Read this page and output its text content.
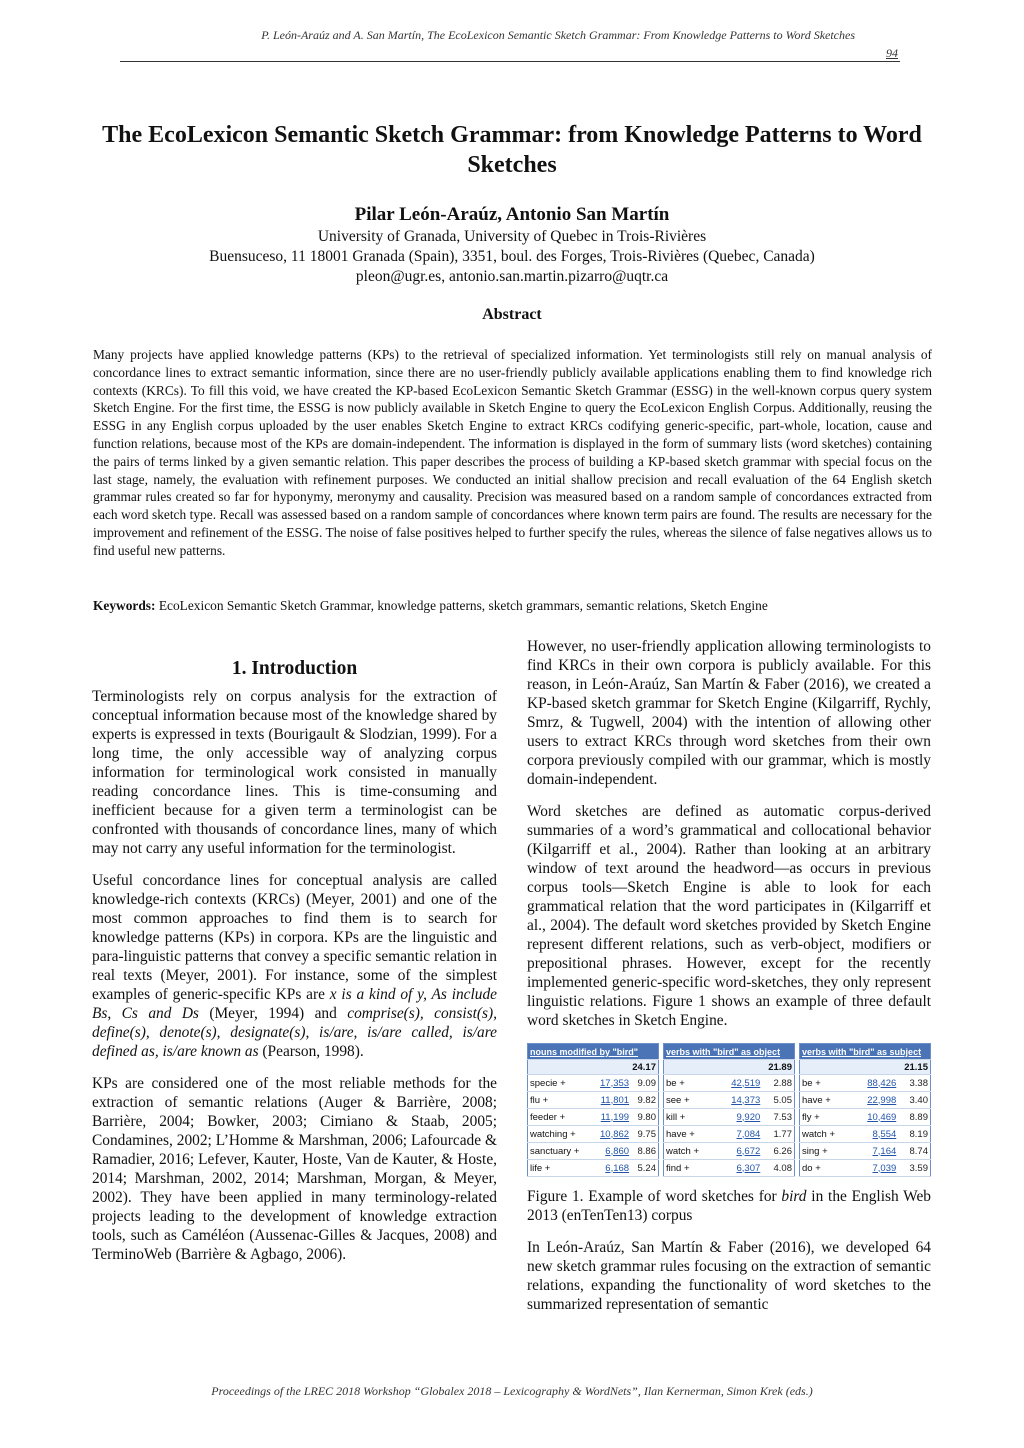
P. León-Araúz and A. San Martín, The EcoLexicon Semantic Sketch Grammar: From Knowledge Patterns to Word Sketches
94
The EcoLexicon Semantic Sketch Grammar: from Knowledge Patterns to Word Sketches
Pilar León-Araúz, Antonio San Martín
University of Granada, University of Quebec in Trois-Rivières
Buensuceso, 11 18001 Granada (Spain), 3351, boul. des Forges, Trois-Rivières (Quebec, Canada)
pleon@ugr.es, antonio.san.martin.pizarro@uqtr.ca
Abstract

Many projects have applied knowledge patterns (KPs) to the retrieval of specialized information. Yet terminologists still rely on manual analysis of concordance lines to extract semantic information, since there are no user-friendly publicly available applications enabling them to find knowledge rich contexts (KRCs). To fill this void, we have created the KP-based EcoLexicon Semantic Sketch Grammar (ESSG) in the well-known corpus query system Sketch Engine. For the first time, the ESSG is now publicly available in Sketch Engine to query the EcoLexicon English Corpus. Additionally, reusing the ESSG in any English corpus uploaded by the user enables Sketch Engine to extract KRCs codifying generic-specific, part-whole, location, cause and function relations, because most of the KPs are domain-independent. The information is displayed in the form of summary lists (word sketches) containing the pairs of terms linked by a given semantic relation. This paper describes the process of building a KP-based sketch grammar with special focus on the last stage, namely, the evaluation with refinement purposes. We conducted an initial shallow precision and recall evaluation of the 64 English sketch grammar rules created so far for hyponymy, meronymy and causality. Precision was measured based on a random sample of concordances extracted from each word sketch type. Recall was assessed based on a random sample of concordances where known term pairs are found. The results are necessary for the improvement and refinement of the ESSG. The noise of false positives helped to further specify the rules, whereas the silence of false negatives allows us to find useful new patterns.

Keywords: EcoLexicon Semantic Sketch Grammar, knowledge patterns, sketch grammars, semantic relations, Sketch Engine
1. Introduction

Terminologists rely on corpus analysis for the extraction of conceptual information because most of the knowledge shared by experts is expressed in texts (Bourigault & Slodzian, 1999). For a long time, the only accessible way of analyzing corpus information for terminological work consisted in manually reading concordance lines. This is time-consuming and inefficient because for a given term a terminologist can be confronted with thousands of concordance lines, many of which may not carry any useful information for the terminologist.

Useful concordance lines for conceptual analysis are called knowledge-rich contexts (KRCs) (Meyer, 2001) and one of the most common approaches to find them is to search for knowledge patterns (KPs) in corpora. KPs are the linguistic and para-linguistic patterns that convey a specific semantic relation in real texts (Meyer, 2001). For instance, some of the simplest examples of generic-specific KPs are x is a kind of y, As include Bs, Cs and Ds (Meyer, 1994) and comprise(s), consist(s), define(s), denote(s), designate(s), is/are, is/are called, is/are defined as, is/are known as (Pearson, 1998).

KPs are considered one of the most reliable methods for the extraction of semantic relations (Auger & Barrière, 2008; Barrière, 2004; Bowker, 2003; Cimiano & Staab, 2005; Condamines, 2002; L’Homme & Marshman, 2006; Lafourcade & Ramadier, 2016; Lefever, Kauter, Hoste, Van de Kauter, & Hoste, 2014; Marshman, 2002, 2014; Marshman, Morgan, & Meyer, 2002). They have been applied in many terminology-related projects leading to the development of knowledge extraction tools, such as Caméléon (Aussenac-Gilles & Jacques, 2008) and TerminoWeb (Barrière & Agbago, 2006).

However, no user-friendly application allowing terminologists to find KRCs in their own corpora is publicly available. For this reason, in León-Araúz, San Martín & Faber (2016), we created a KP-based sketch grammar for Sketch Engine (Kilgarriff, Rychly, Smrz, & Tugwell, 2004) with the intention of allowing other users to extract KRCs through word sketches from their own corpora previously compiled with our grammar, which is mostly domain-independent.

Word sketches are defined as automatic corpus-derived summaries of a word’s grammatical and collocational behavior (Kilgarriff et al., 2004). Rather than looking at an arbitrary window of text around the headword—as occurs in previous corpus tools—Sketch Engine is able to look for each grammatical relation that the word participates in (Kilgarriff et al., 2004). The default word sketches provided by Sketch Engine represent different relations, such as verb-object, modifiers or prepositional phrases. However, except for the recently implemented generic-specific word-sketches, they only represent linguistic relations. Figure 1 shows an example of three default word sketches in Sketch Engine.

nouns modified by "bird"		
24.17		
specie +	17,353	9.09
flu +	11,801	9.82
feeder +	11,199	9.80
watching +	10,862	9.75
sanctuary +	6,860	8.86
life +	6,168	5.24
verbs with "bird" as object		
21.89		
be +	42,519	2.88
see +	14,373	5.05
kill +	9,920	7.53
have +	7,084	1.77
watch +	6,672	6.26
find +	6,307	4.08
verbs with "bird" as subject		
21.15		
be +	88,426	3.38
have +	22,998	3.40
fly +	10,469	8.89
watch +	8,554	8.19
sing +	7,164	8.74
do +	7,039	3.59

Figure 1. Example of word sketches for bird in the English Web 2013 (enTenTen13) corpus

In León-Araúz, San Martín & Faber (2016), we developed 64 new sketch grammar rules focusing on the extraction of semantic relations, expanding the functionality of word sketches to the summarized representation of semantic

Proceedings of the LREC 2018 Workshop “Globalex 2018 – Lexicography & WordNets”, Ilan Kernerman, Simon Krek (eds.)
